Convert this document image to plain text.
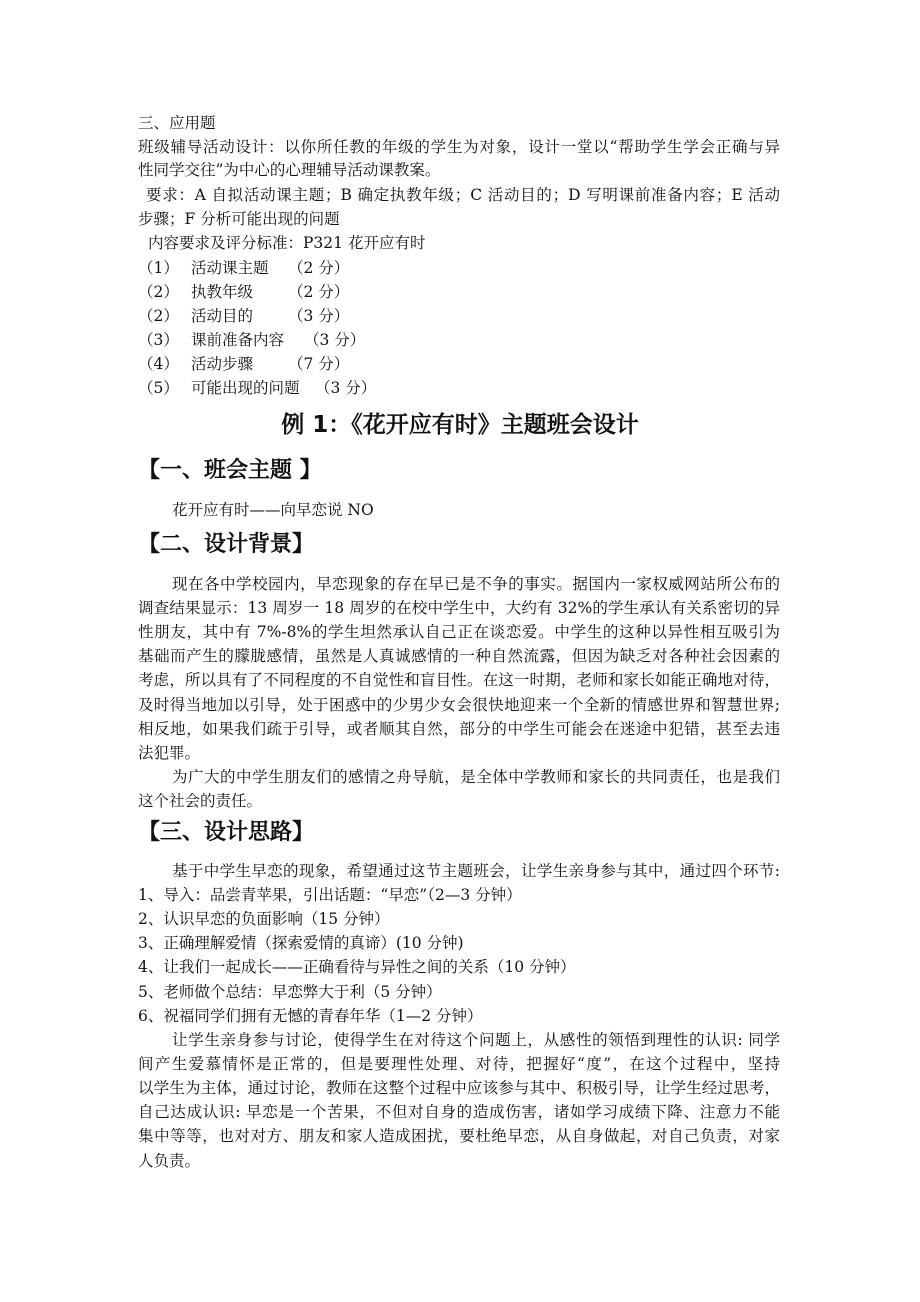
三、应用题
班级辅导活动设计：以你所任教的年级的学生为对象，设计一堂以“帮助学生学会正确与异
性同学交往”为中心的心理辅导活动课教案。
要求：A 自拟活动课主题；B 确定执教年级；C 活动目的；D 写明课前准备内容；E 活动
步骤；F 分析可能出现的问题
内容要求及评分标准：P321 花开应有时
（1） 活动课主题 （2 分）
（2） 执教年级 （2 分）
（2） 活动目的 （3 分）
（3） 课前准备内容 （3 分）
（4） 活动步骤 （7 分）
（5） 可能出现的问题 （3 分）
例 1：《花开应有时》主题班会设计
【一、班会主题 】
花开应有时——向早恋说 NO
【二、设计背景】
现在各中学校园内，早恋现象的存在早已是不争的事实。据国内一家权威网站所公布的
调查结果显示：13 周岁一 18 周岁的在校中学生中，大约有 32%的学生承认有关系密切的异
性朋友，其中有 7%-8%的学生坦然承认自己正在谈恋爱。中学生的这种以异性相互吸引为
基础而产生的朦胧感情，虽然是人真诚感情的一种自然流露，但因为缺乏对各种社会因素的
考虑，所以具有了不同程度的不自觉性和盲目性。在这一时期，老师和家长如能正确地对待，
及时得当地加以引导，处于困惑中的少男少女会很快地迎来一个全新的情感世界和智慧世界;
相反地，如果我们疏于引导，或者顺其自然，部分的中学生可能会在迷途中犯错，甚至去违
法犯罪。
为广大的中学生朋友们的感情之舟导航，是全体中学教师和家长的共同责任，也是我们
这个社会的责任。
【三、设计思路】
基于中学生早恋的现象，希望通过这节主题班会，让学生亲身参与其中，通过四个环节:
1、导入：品尝青苹果，引出话题：“早恋”（2—3 分钟）
2、认识早恋的负面影响（15 分钟）
3、正确理解爱情（探索爱情的真谛）(10 分钟)
4、让我们一起成长——正确看待与异性之间的关系（10 分钟）
5、老师做个总结：早恋弊大于利（5 分钟）
6、祝福同学们拥有无憾的青春年华（1—2 分钟）
让学生亲身参与讨论，使得学生在对待这个问题上，从感性的领悟到理性的认识: 同学
间产生爱慕情怀是正常的，但是要理性处理、对待，把握好“度”，在这个过程中，坚持
以学生为主体，通过讨论，教师在这整个过程中应该参与其中、积极引导，让学生经过思考，
自己达成认识: 早恋是一个苦果，不但对自身的造成伤害，诸如学习成绩下降、注意力不能
集中等等，也对对方、朋友和家人造成困扰，要杜绝早恋，从自身做起，对自己负责，对家
人负责。
